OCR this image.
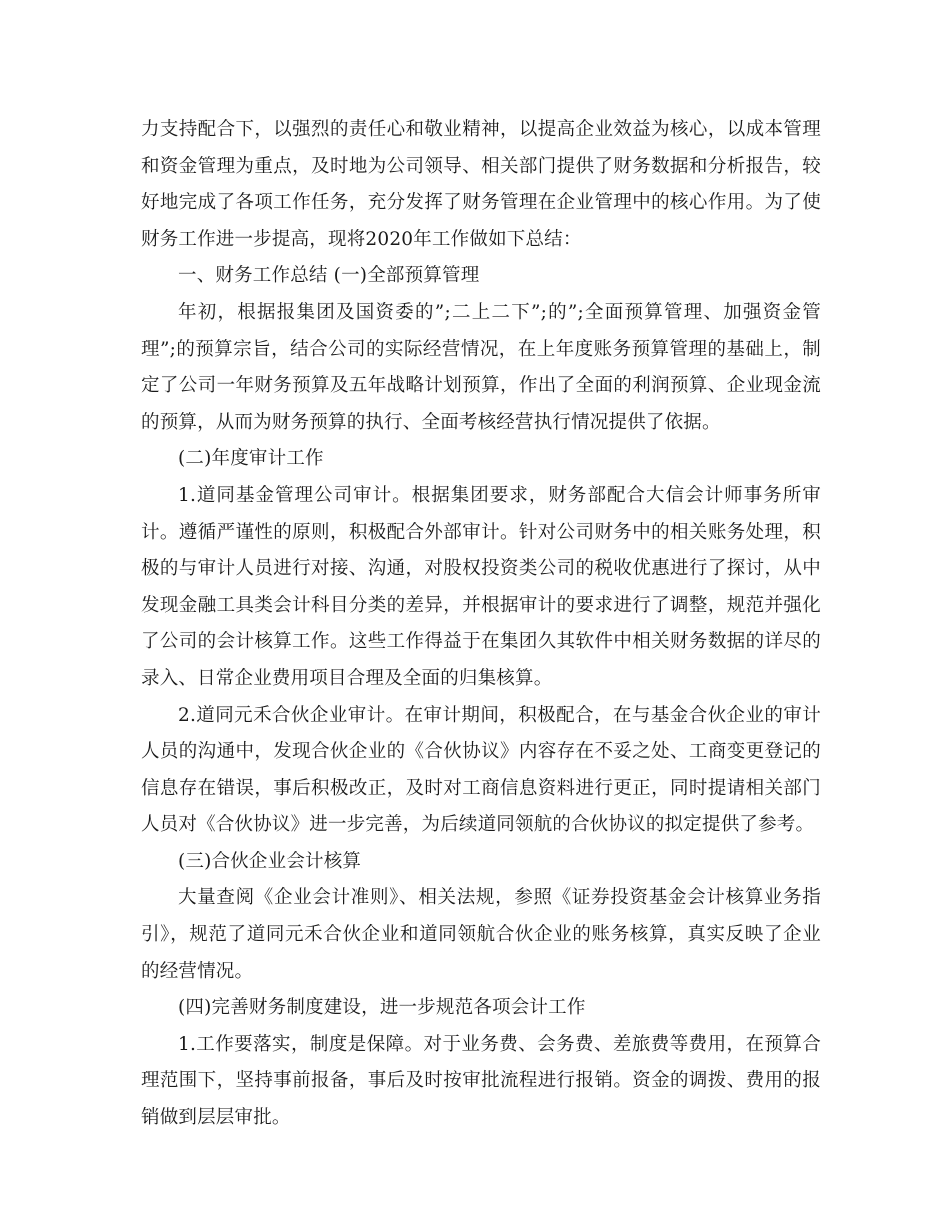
力支持配合下，以强烈的责任心和敬业精神，以提高企业效益为核心，以成本管理和资金管理为重点，及时地为公司领导、相关部门提供了财务数据和分析报告，较好地完成了各项工作任务，充分发挥了财务管理在企业管理中的核心作用。为了使财务工作进一步提高，现将2020年工作做如下总结：

一、财务工作总结 (一)全部预算管理

年初，根据报集团及国资委的”;二上二下”;的”;全面预算管理、加强资金管理”;的预算宗旨，结合公司的实际经营情况，在上年度账务预算管理的基础上，制定了公司一年财务预算及五年战略计划预算，作出了全面的利润预算、企业现金流的预算，从而为财务预算的执行、全面考核经营执行情况提供了依据。

(二)年度审计工作

1.道同基金管理公司审计。根据集团要求，财务部配合大信会计师事务所审计。遵循严谨性的原则，积极配合外部审计。针对公司财务中的相关账务处理，积极的与审计人员进行对接、沟通，对股权投资类公司的税收优惠进行了探讨，从中发现金融工具类会计科目分类的差异，并根据审计的要求进行了调整，规范并强化了公司的会计核算工作。这些工作得益于在集团久其软件中相关财务数据的详尽的录入、日常企业费用项目合理及全面的归集核算。

2.道同元禾合伙企业审计。在审计期间，积极配合，在与基金合伙企业的审计人员的沟通中，发现合伙企业的《合伙协议》内容存在不妥之处、工商变更登记的信息存在错误，事后积极改正，及时对工商信息资料进行更正，同时提请相关部门人员对《合伙协议》进一步完善，为后续道同领航的合伙协议的拟定提供了参考。

(三)合伙企业会计核算

大量查阅《企业会计准则》、相关法规，参照《证券投资基金会计核算业务指引》，规范了道同元禾合伙企业和道同领航合伙企业的账务核算，真实反映了企业的经营情况。

(四)完善财务制度建设，进一步规范各项会计工作

1.工作要落实，制度是保障。对于业务费、会务费、差旅费等费用，在预算合理范围下，坚持事前报备，事后及时按审批流程进行报销。资金的调拨、费用的报销做到层层审批。
